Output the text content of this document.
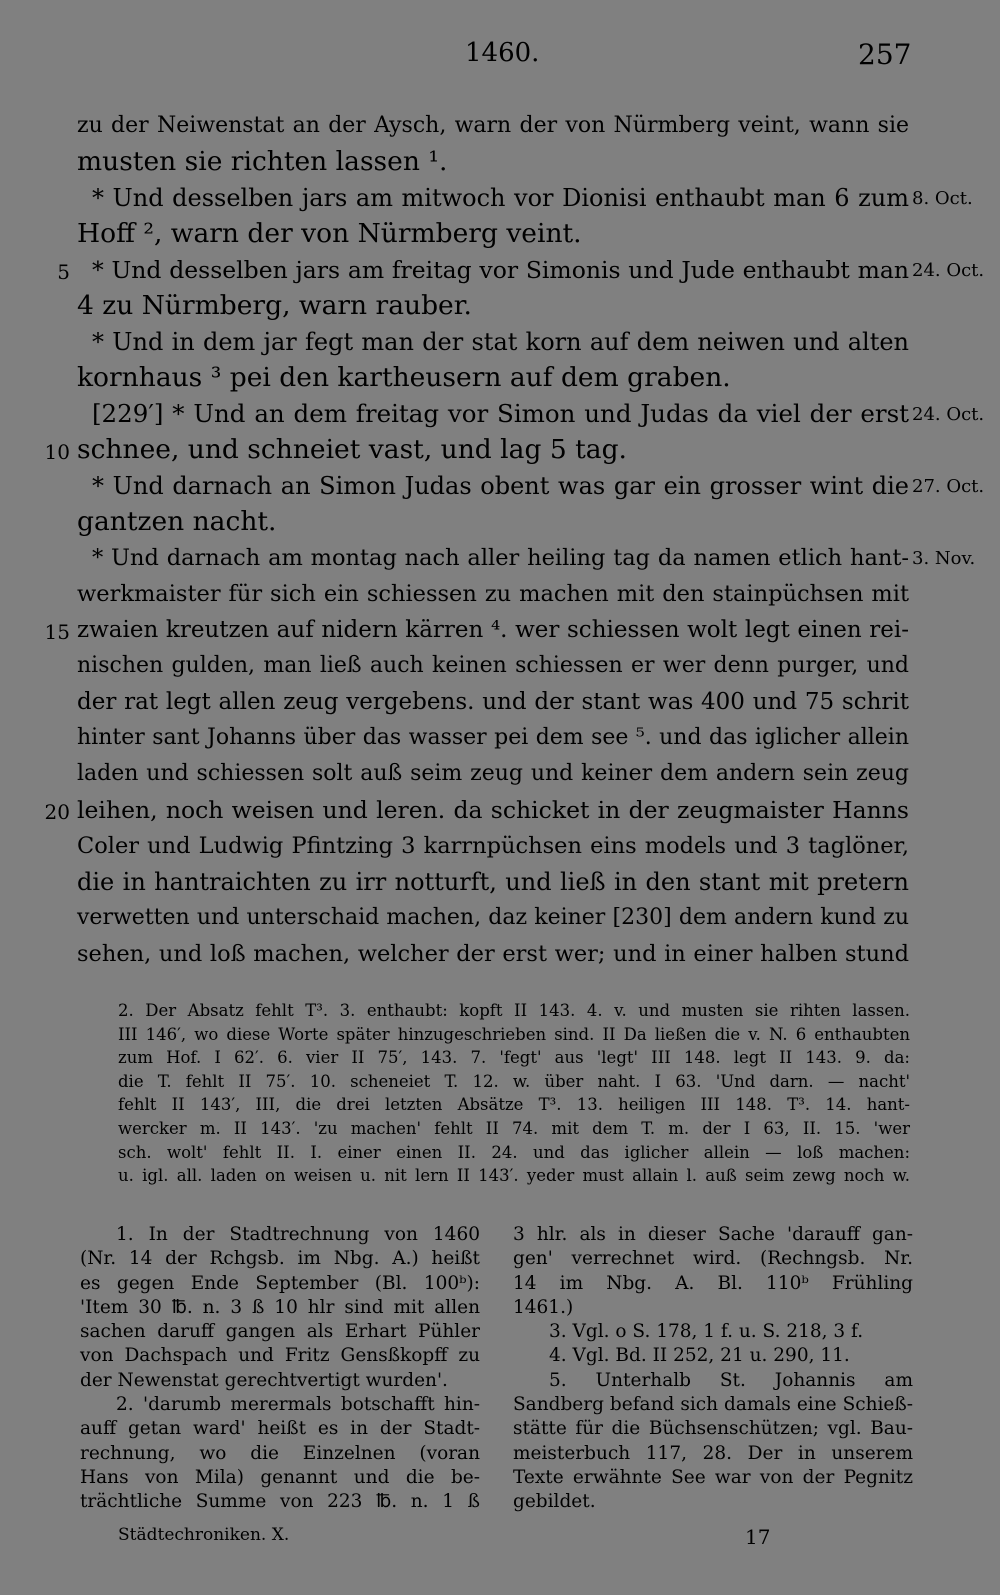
1460.	257
zu der Neiwenstat an der Aysch, warn der von Nürmberg veint, wann sie
musten sie richten lassen ¹.
* Und desselben jars am mitwoch vor Dionisi enthaubt man 6 zum
Hoff ², warn der von Nürmberg veint.
* Und desselben jars am freitag vor Simonis und Jude enthaubt man
4 zu Nürmberg, warn rauber.
* Und in dem jar fegt man der stat korn auf dem neiwen und alten
kornhaus ³ pei den kartheusern auf dem graben.
[229′] * Und an dem freitag vor Simon und Judas da viel der erst
schnee, und schneiet vast, und lag 5 tag.
* Und darnach an Simon Judas obent was gar ein grosser wint die
gantzen nacht.
* Und darnach am montag nach aller heiling tag da namen etlich hant-
werkmaister für sich ein schiessen zu machen mit den stainpüchsen mit
zwaien kreutzen auf nidern kärren ⁴. wer schiessen wolt legt einen rei-
nischen gulden, man ließ auch keinen schiessen er wer denn purger, und
der rat legt allen zeug vergebens. und der stant was 400 und 75 schrit
hinter sant Johanns über das wasser pei dem see ⁵. und das iglicher allein
laden und schiessen solt auß seim zeug und keiner dem andern sein zeug
leihen, noch weisen und leren. da schicket in der zeugmaister Hanns
Coler und Ludwig Pfintzing 3 karrnpüchsen eins models und 3 taglöner,
die in hantraichten zu irr notturft, und ließ in den stant mit pretern
verwetten und unterschaid machen, daz keiner [230] dem andern kund zu
sehen, und loß machen, welcher der erst wer; und in einer halben stund
5
10
15
20
8. Oct.
24. Oct.
24. Oct.
27. Oct.
3. Nov.
2. Der Absatz fehlt T³. 3. enthaubt: kopft II 143. 4. v. und musten sie rihten lassen.
III 146′, wo diese Worte später hinzugeschrieben sind. II Da ließen die v. N. 6 enthaubten
zum Hof. I 62′. 6. vier II 75′, 143. 7. 'fegt' aus 'legt' III 148. legt II 143. 9. da:
die T. fehlt II 75′. 10. scheneiet T. 12. w. über naht. I 63. 'Und darn. — nacht'
fehlt II 143′, III, die drei letzten Absätze T³. 13. heiligen III 148. T³. 14. hant-
wercker m. II 143′. 'zu machen' fehlt II 74. mit dem T. m. der I 63, II. 15. 'wer
sch. wolt' fehlt II. I. einer einen II. 24. und das iglicher allein — loß machen:
u. igl. all. laden on weisen u. nit lern II 143′. yeder must allain l. auß seim zewg noch w.

1. In der Stadtrechnung von 1460

(Nr. 14 der Rchgsb. im Nbg. A.) heißt

es gegen Ende September (Bl. 100ᵇ):

'Item 30 ℔. n. 3 ß 10 hlr sind mit allen

sachen daruff gangen als Erhart Pühler

von Dachspach und Fritz Gensßkopff zu

der Newenstat gerechtvertigt wurden'.

2. 'darumb merermals botschafft hin-

auff getan ward' heißt es in der Stadt-

rechnung, wo die Einzelnen (voran

Hans von Mila) genannt und die be-

trächtliche Summe von 223 ℔. n. 1 ß

3 hlr. als in dieser Sache 'darauff gan-

gen' verrechnet wird. (Rechngsb. Nr.

14 im Nbg. A. Bl. 110ᵇ Frühling

1461.)

3. Vgl. o S. 178, 1 f. u. S. 218, 3 f.

4. Vgl. Bd. II 252, 21 u. 290, 11.

5. Unterhalb St. Johannis am

Sandberg befand sich damals eine Schieß-

stätte für die Büchsenschützen; vgl. Bau-

meisterbuch 117, 28. Der in unserem

Texte erwähnte See war von der Pegnitz

gebildet.

Städtechroniken. X.	17
